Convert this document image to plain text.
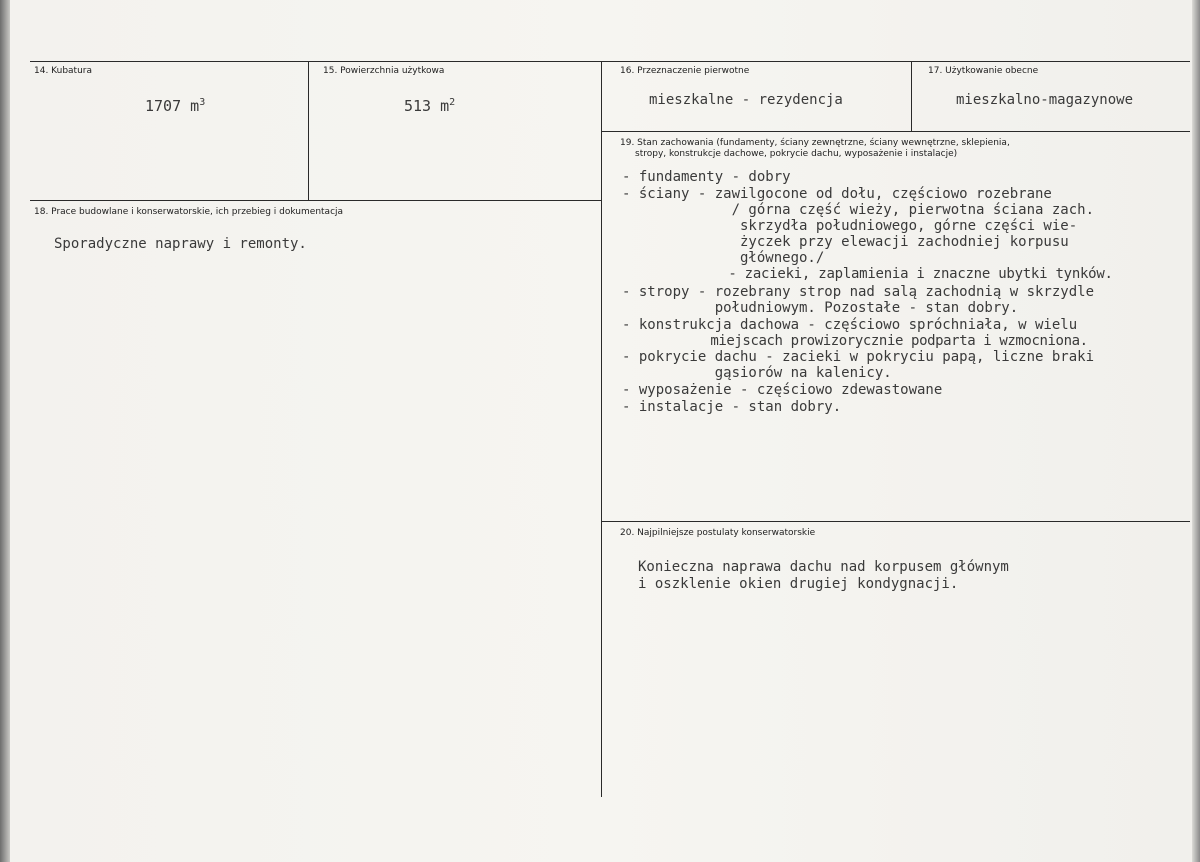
14. Kubatura
1707 $m^3$
15. Powierzchnia użytkowa
513 $m^2$
16. Przeznaczenie pierwotne
mieszkalne - rezydencja
17. Użytkowanie obecne
mieszkalno-magazynowe
18. Prace budowlane i konserwatorskie, ich przebieg i dokumentacja
Sporadyczne naprawy i remonty.
19. Stan zachowania (fundamenty, ściany zewnętrzne, ściany wewnętrzne, sklepienia,
stropy, konstrukcje dachowe, pokrycie dachu, wyposażenie i instalacje)
- fundamenty - dobry
- ściany - zawilgocone od dołu, częściowo rozebrane
/ górna część wieży, pierwotna ściana zach.
skrzydła południowego, górne części wie-
życzek przy elewacji zachodniej korpusu
głównego./
- zacieki, zaplamienia i znaczne ubytki tynków.
- stropy - rozebrany strop nad salą zachodnią w skrzydle
południowym. Pozostałe - stan dobry.
- konstrukcja dachowa - częściowo spróchniała, w wielu
miejscach prowizorycznie podparta i wzmocniona.
- pokrycie dachu - zacieki w pokryciu papą, liczne braki
gąsiorów na kalenicy.
- wyposażenie - częściowo zdewastowane
- instalacje - stan dobry.
20. Najpilniejsze postulaty konserwatorskie
Konieczna naprawa dachu nad korpusem głównym
i oszklenie okien drugiej kondygnacji.
